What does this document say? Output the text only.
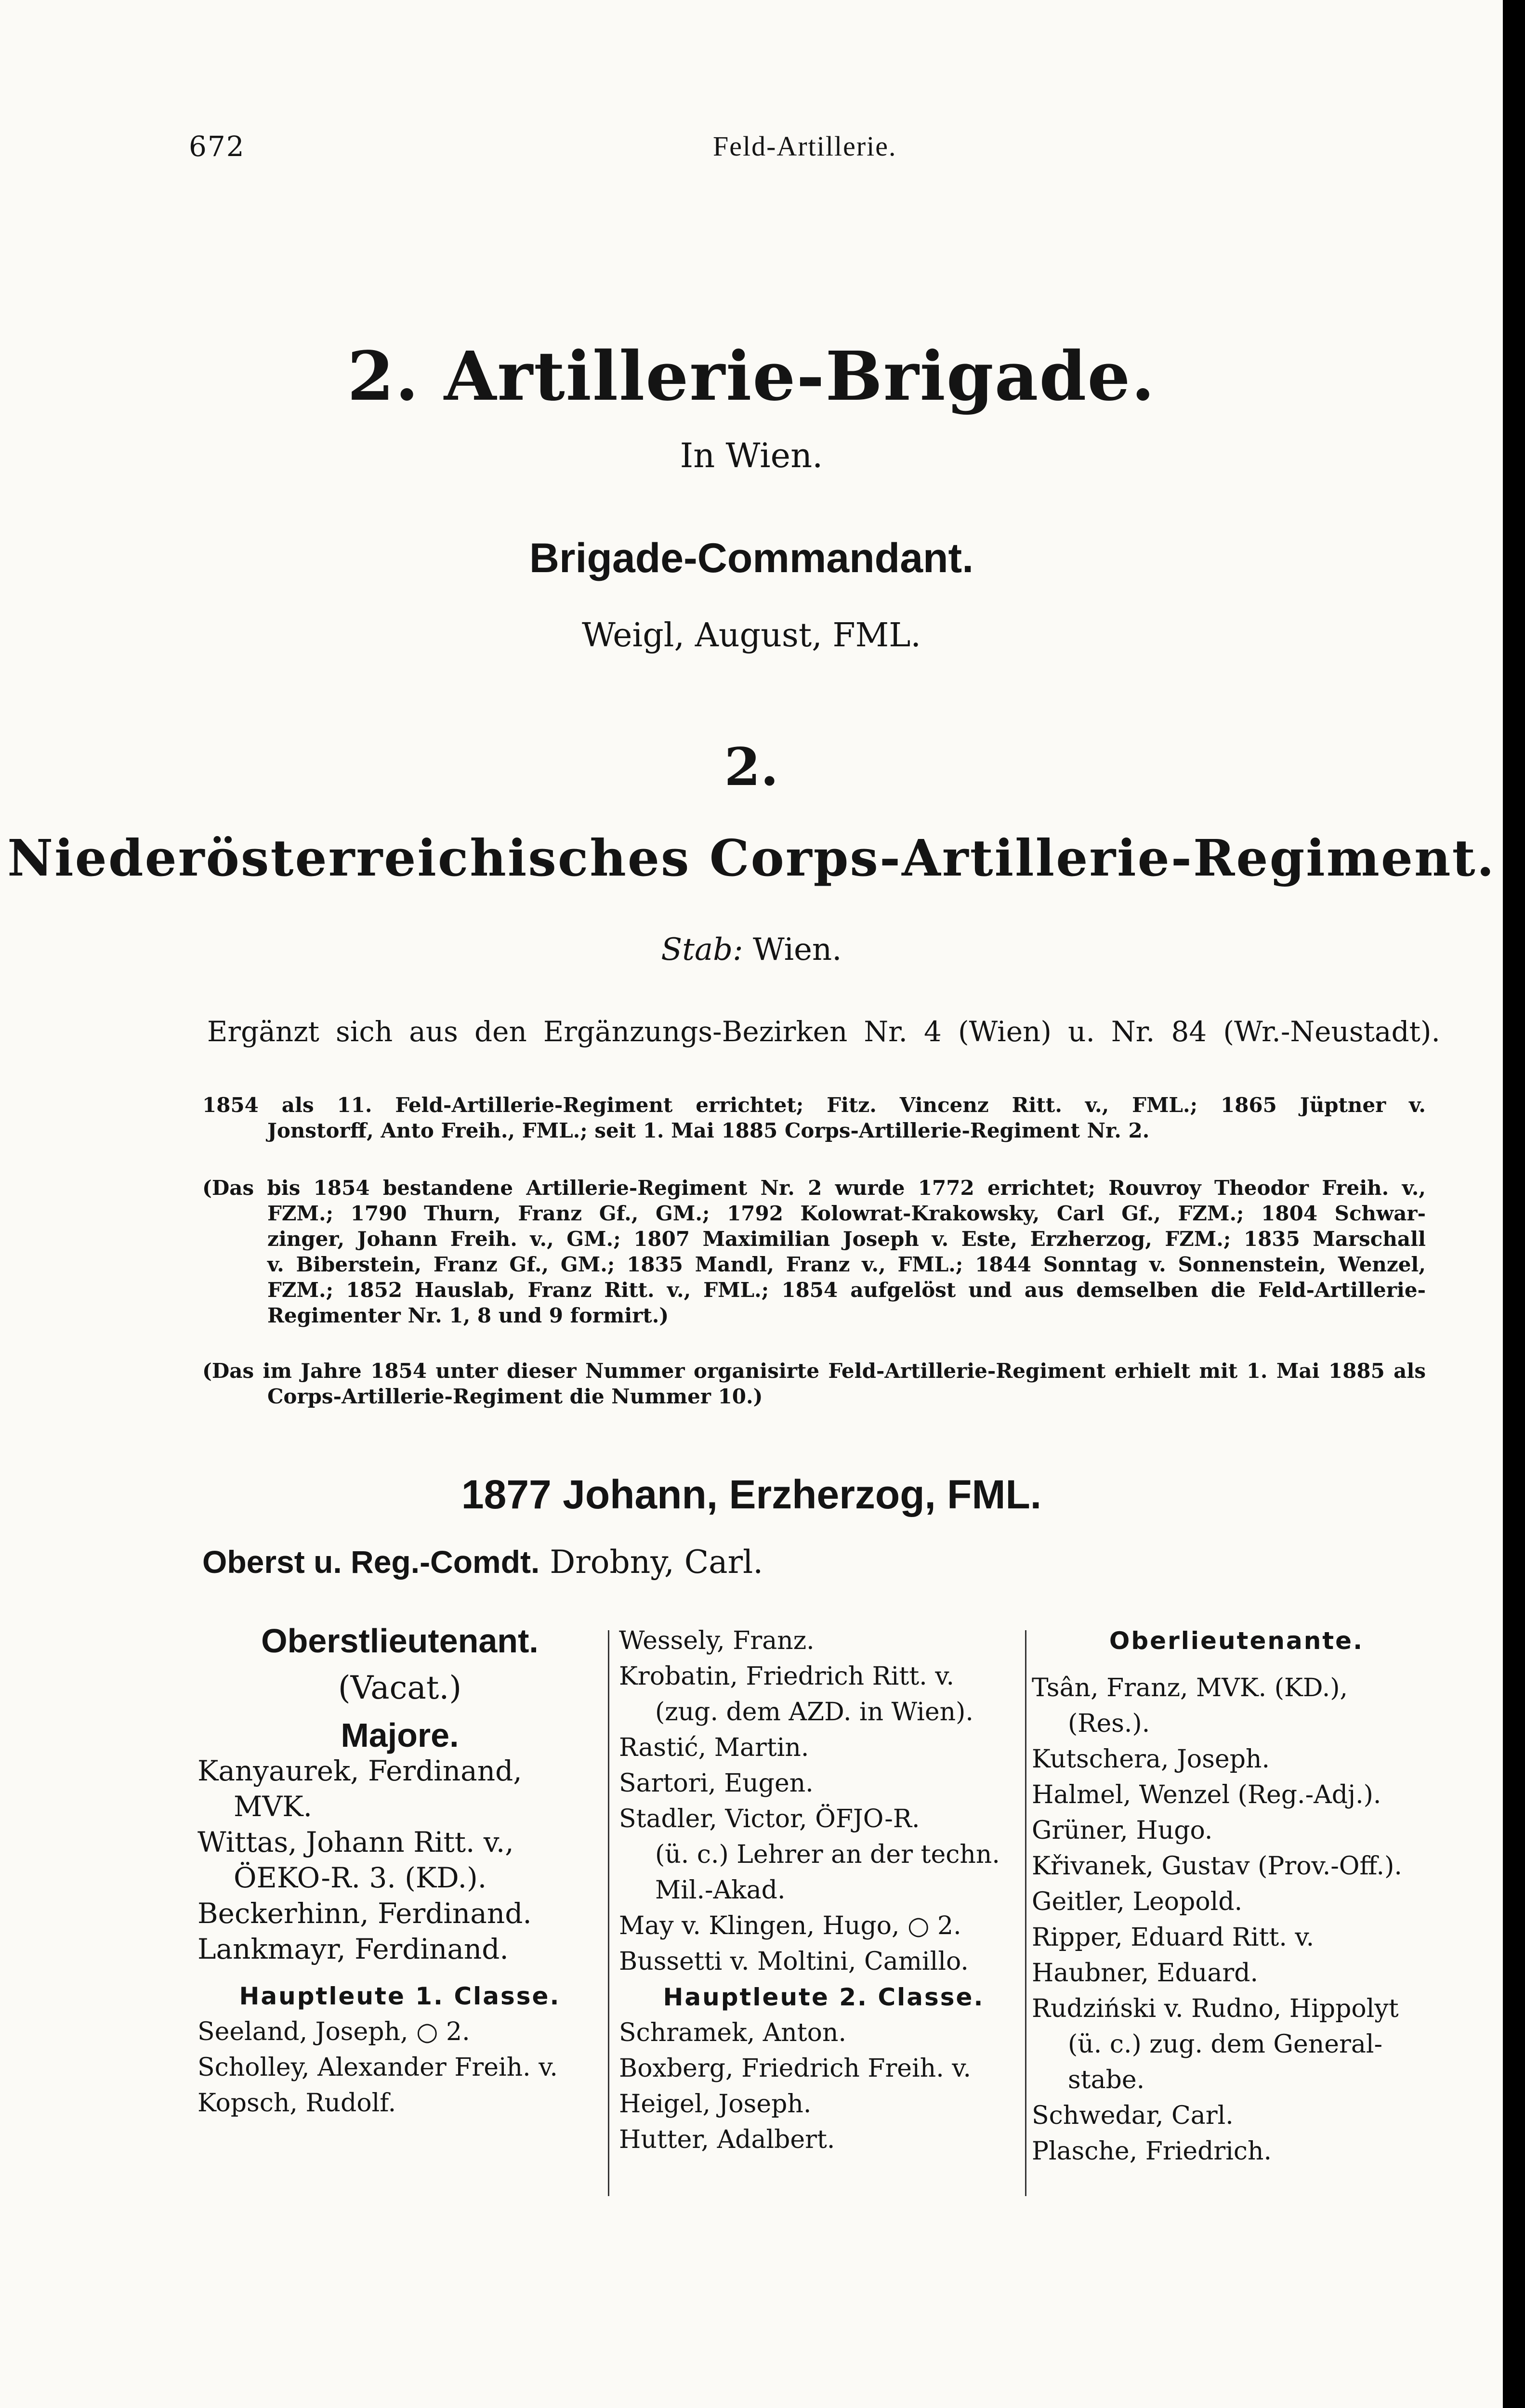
672	Feld-Artillerie.
2. Artillerie-Brigade.
In Wien.
Brigade-Commandant.
Weigl, August, FML.
2.
Niederösterreichisches Corps-Artillerie-Regiment.
Stab: Wien.
Ergänzt sich aus den Ergänzungs-Bezirken Nr. 4 (Wien) u. Nr. 84 (Wr.-Neustadt).
1854 als 11. Feld-Artillerie-Regiment errichtet; Fitz. Vincenz Ritt. v., FML.; 1865 Jüptner v.
Jonstorff, Anto Freih., FML.; seit 1. Mai 1885 Corps-Artillerie-Regiment Nr. 2.
(Das bis 1854 bestandene Artillerie-Regiment Nr. 2 wurde 1772 errichtet; Rouvroy Theodor Freih. v.,
FZM.; 1790 Thurn, Franz Gf., GM.; 1792 Kolowrat-Krakowsky, Carl Gf., FZM.; 1804 Schwar-
zinger, Johann Freih. v., GM.; 1807 Maximilian Joseph v. Este, Erzherzog, FZM.; 1835 Marschall
v. Biberstein, Franz Gf., GM.; 1835 Mandl, Franz v., FML.; 1844 Sonntag v. Sonnenstein, Wenzel,
FZM.; 1852 Hauslab, Franz Ritt. v., FML.; 1854 aufgelöst und aus demselben die Feld-Artillerie-
Regimenter Nr. 1, 8 und 9 formirt.)
(Das im Jahre 1854 unter dieser Nummer organisirte Feld-Artillerie-Regiment erhielt mit 1. Mai 1885 als
Corps-Artillerie-Regiment die Nummer 10.)
1877 Johann, Erzherzog, FML.
Oberst u. Reg.-Comdt. Drobny, Carl.
Oberstlieutenant.
(Vacat.)
Majore.
Kanyaurek, Ferdinand,
MVK.
Wittas, Johann Ritt. v.,
ÖEKO-R. 3. (KD.).
Beckerhinn, Ferdinand.
Lankmayr, Ferdinand.
Hauptleute 1. Classe.
Seeland, Joseph, ○ 2.
Scholley, Alexander Freih. v.
Kopsch, Rudolf.
Wessely, Franz.
Krobatin, Friedrich Ritt. v.
(zug. dem AZD. in Wien).
Rastić, Martin.
Sartori, Eugen.
Stadler, Victor, ÖFJO-R.
(ü. c.) Lehrer an der techn.
Mil.-Akad.
May v. Klingen, Hugo, ○ 2.
Bussetti v. Moltini, Camillo.
Hauptleute 2. Classe.
Schramek, Anton.
Boxberg, Friedrich Freih. v.
Heigel, Joseph.
Hutter, Adalbert.
Oberlieutenante.
Tsân, Franz, MVK. (KD.),
(Res.).
Kutschera, Joseph.
Halmel, Wenzel (Reg.-Adj.).
Grüner, Hugo.
Křivanek, Gustav (Prov.-Off.).
Geitler, Leopold.
Ripper, Eduard Ritt. v.
Haubner, Eduard.
Rudziński v. Rudno, Hippolyt
(ü. c.) zug. dem General-
stabe.
Schwedar, Carl.
Plasche, Friedrich.
